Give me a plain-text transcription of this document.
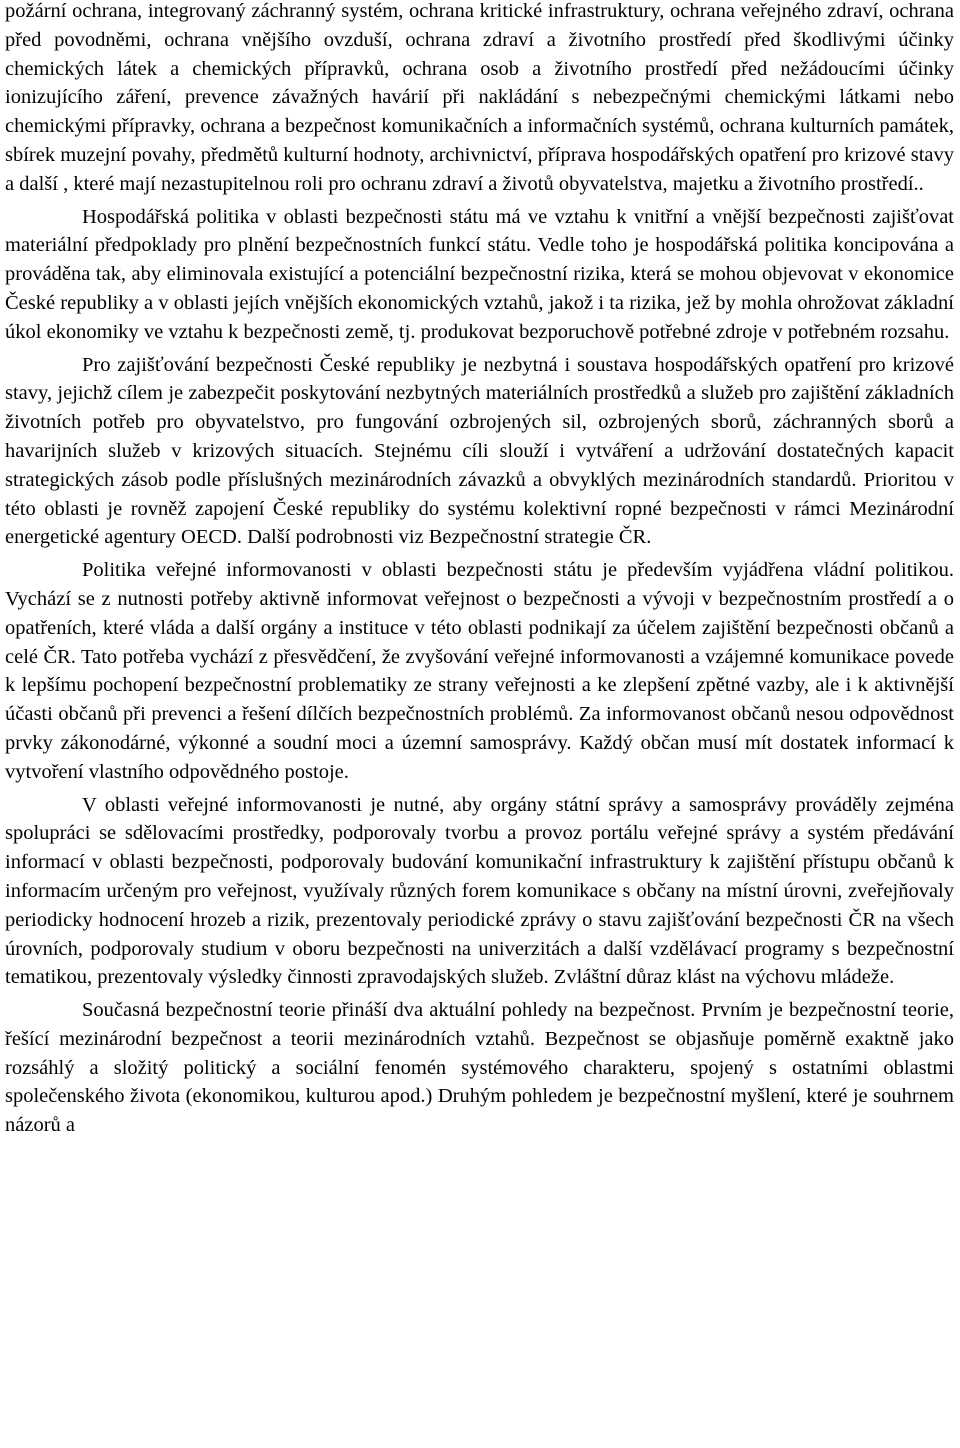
požární ochrana, integrovaný záchranný systém, ochrana kritické infrastruktury, ochrana veřejného zdraví, ochrana před povodněmi, ochrana vnějšího ovzduší, ochrana zdraví a životního prostředí před škodlivými účinky chemických látek a chemických přípravků, ochrana osob a životního prostředí před nežádoucími účinky ionizujícího záření, prevence závažných havárií při nakládání s nebezpečnými chemickými látkami nebo chemickými přípravky, ochrana a bezpečnost komunikačních a informačních systémů, ochrana kulturních památek, sbírek muzejní povahy, předmětů kulturní hodnoty, archivnictví, příprava hospodářských opatření pro krizové stavy a další , které mají nezastupitelnou roli pro ochranu zdraví a životů obyvatelstva, majetku a životního prostředí..

Hospodářská politika v oblasti bezpečnosti státu má ve vztahu k vnitřní a vnější bezpečnosti zajišťovat materiální předpoklady pro plnění bezpečnostních funkcí státu. Vedle toho je hospodářská politika koncipována a prováděna tak, aby eliminovala existující a potenciální bezpečnostní rizika, která se mohou objevovat v ekonomice České republiky a v oblasti jejích vnějších ekonomických vztahů, jakož i ta rizika, jež by mohla ohrožovat základní úkol ekonomiky ve vztahu k bezpečnosti země, tj. produkovat bezporuchově potřebné zdroje v potřebném rozsahu.

Pro zajišťování bezpečnosti České republiky je nezbytná i soustava hospodářských opatření pro krizové stavy, jejichž cílem je zabezpečit poskytování nezbytných materiálních prostředků a služeb pro zajištění základních životních potřeb pro obyvatelstvo, pro fungování ozbrojených sil, ozbrojených sborů, záchranných sborů a havarijních služeb v krizových situacích. Stejnému cíli slouží i vytváření a udržování dostatečných kapacit strategických zásob podle příslušných mezinárodních závazků a obvyklých mezinárodních standardů. Prioritou v této oblasti je rovněž zapojení České republiky do systému kolektivní ropné bezpečnosti v rámci Mezinárodní energetické agentury OECD. Další podrobnosti viz Bezpečnostní strategie ČR.

Politika veřejné informovanosti v oblasti bezpečnosti státu je především vyjádřena vládní politikou. Vychází se z nutnosti potřeby aktivně informovat veřejnost o bezpečnosti a vývoji v bezpečnostním prostředí a o opatřeních, které vláda a další orgány a instituce v této oblasti podnikají za účelem zajištění bezpečnosti občanů a celé ČR. Tato potřeba vychází z přesvědčení, že zvyšování veřejné informovanosti a vzájemné komunikace povede k lepšímu pochopení bezpečnostní problematiky ze strany veřejnosti a ke zlepšení zpětné vazby, ale i k aktivnější účasti občanů při prevenci a řešení dílčích bezpečnostních problémů. Za informovanost občanů nesou odpovědnost prvky zákonodárné, výkonné a soudní moci a územní samosprávy. Každý občan musí mít dostatek informací k vytvoření vlastního odpovědného postoje.

V oblasti veřejné informovanosti je nutné, aby orgány státní správy a samosprávy prováděly zejména spolupráci se sdělovacími prostředky, podporovaly tvorbu a provoz portálu veřejné správy a systém předávání informací v oblasti bezpečnosti, podporovaly budování komunikační infrastruktury k zajištění přístupu občanů k informacím určeným pro veřejnost, využívaly různých forem komunikace s občany na místní úrovni, zveřejňovaly periodicky hodnocení hrozeb a rizik, prezentovaly periodické zprávy o stavu zajišťování bezpečnosti ČR na všech úrovních, podporovaly studium v oboru bezpečnosti na univerzitách a další vzdělávací programy s bezpečnostní tematikou, prezentovaly výsledky činnosti zpravodajských služeb. Zvláštní důraz klást na výchovu mládeže.

Současná bezpečnostní teorie přináší dva aktuální pohledy na bezpečnost. Prvním je bezpečnostní teorie, řešící mezinárodní bezpečnost a teorii mezinárodních vztahů. Bezpečnost se objasňuje poměrně exaktně jako rozsáhlý a složitý politický a sociální fenomén systémového charakteru, spojený s ostatními oblastmi společenského života (ekonomikou, kulturou apod.) Druhým pohledem je bezpečnostní myšlení, které je souhrnem názorů a
